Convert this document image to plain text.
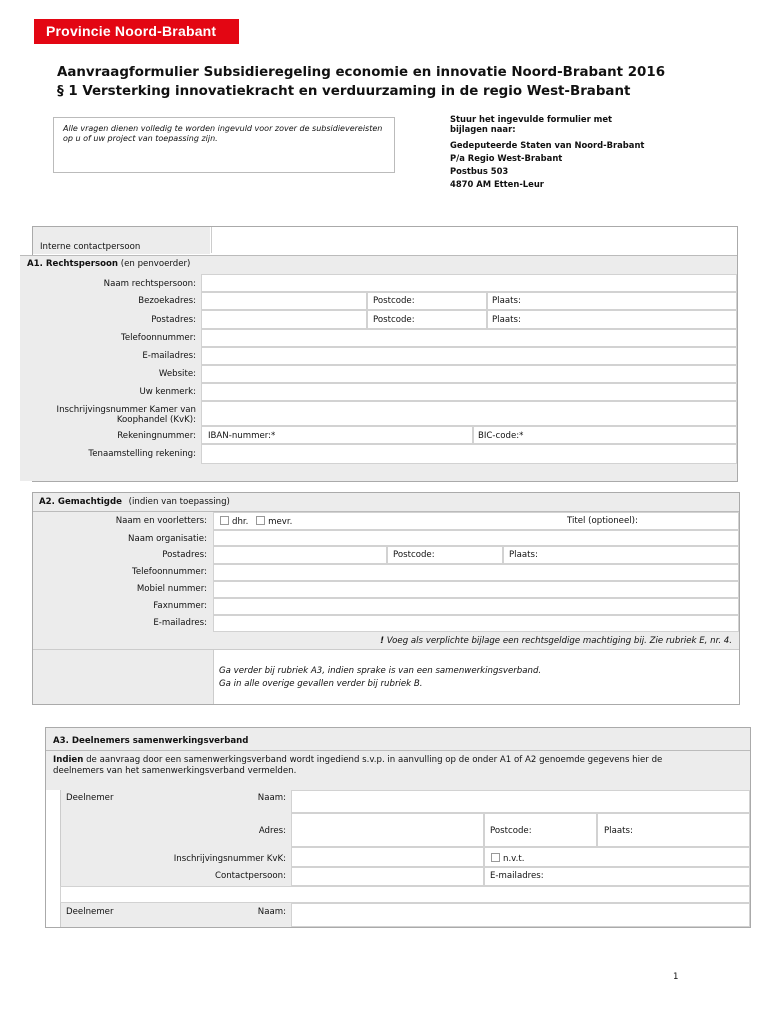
Provincie Noord-Brabant
Aanvraagformulier Subsidieregeling economie en innovatie Noord-Brabant 2016
§ 1 Versterking innovatiekracht en verduurzaming in de regio West-Brabant
Alle vragen dienen volledig te worden ingevuld voor zover de subsidievereisten op u of uw project van toepassing zijn.
Stuur het ingevulde formulier met
bijlagen naar:
Gedeputeerde Staten van Noord-Brabant
P/a Regio West-Brabant
Postbus 503
4870 AM Etten-Leur
Interne contactpersoon
A1. Rechtspersoon (en penvoerder)
Naam rechtspersoon:
Bezoekadres:	Postcode:	Plaats:
Postadres:	Postcode:	Plaats:
Telefoonnummer:
E-mailadres:
Website:
Uw kenmerk:
Inschrijvingsnummer Kamer van
Koophandel (KvK):
Rekeningnummer: IBAN-nummer:*	BIC-code:*
Tenaamstelling rekening:
A2. Gemachtigde (indien van toepassing)
Naam en voorletters:	dhr. mevr.	Titel (optioneel):
Naam organisatie:
Postadres:	Postcode:	Plaats:
Telefoonnummer:
Mobiel nummer:
Faxnummer:
E-mailadres:
! Voeg als verplichte bijlage een rechtsgeldige machtiging bij. Zie rubriek E, nr. 4.
Ga verder bij rubriek A3, indien sprake is van een samenwerkingsverband.
Ga in alle overige gevallen verder bij rubriek B.
A3. Deelnemers samenwerkingsverband
Indien de aanvraag door een samenwerkingsverband wordt ingediend s.v.p. in aanvulling op de onder A1 of A2 genoemde gegevens hier de
deelnemers van het samenwerkingsverband vermelden.
Deelnemer	Naam:
Adres:	Postcode:	Plaats:
Inschrijvingsnummer KvK:	n.v.t.
Contactpersoon:	E-mailadres:
Deelnemer	Naam:
1
